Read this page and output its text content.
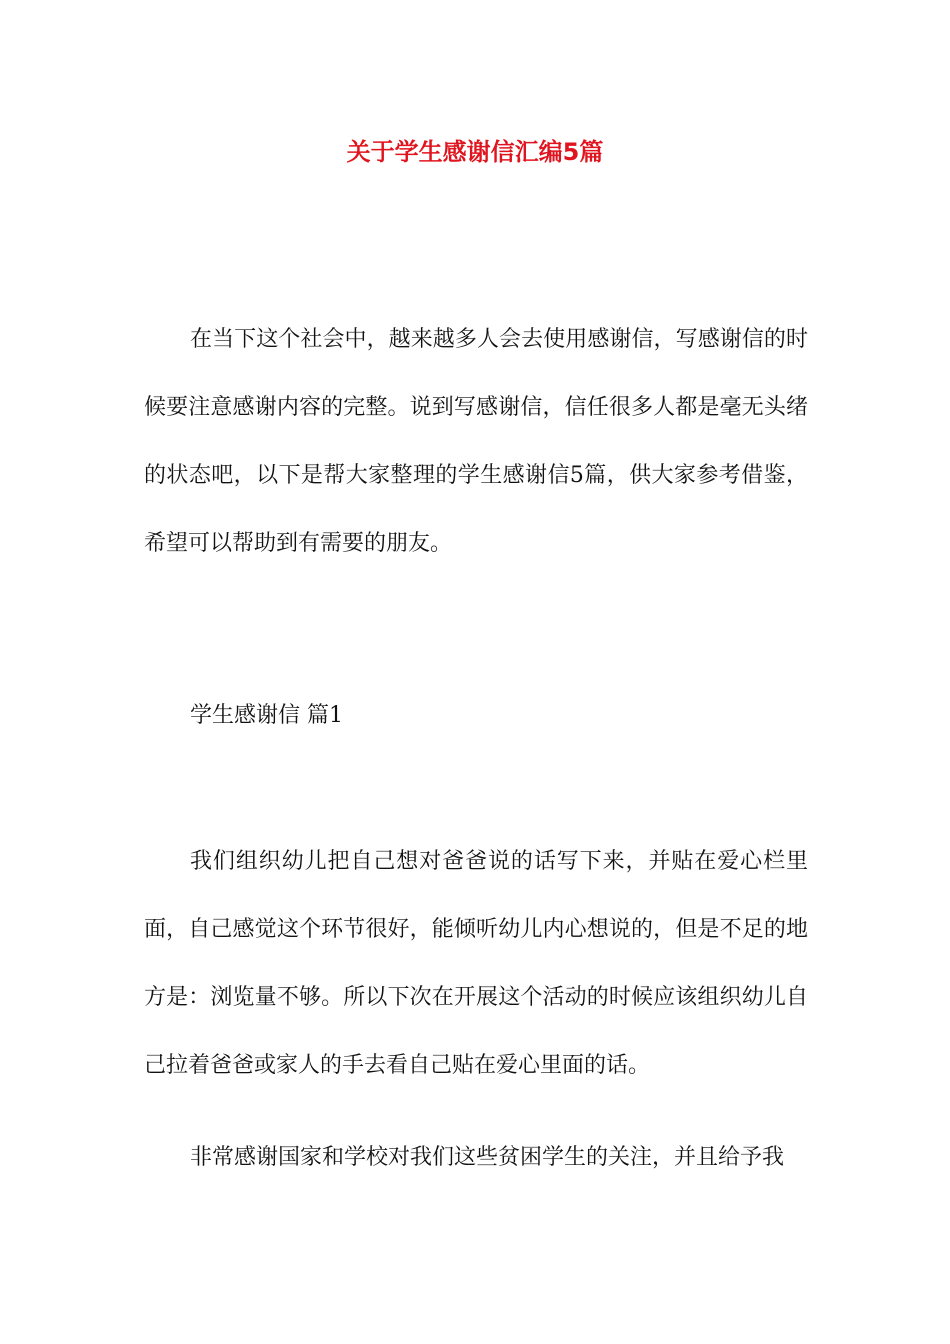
关于学生感谢信汇编5篇

在当下这个社会中，越来越多人会去使用感谢信，写感谢信的时候要注意感谢内容的完整。说到写感谢信，信任很多人都是毫无头绪的状态吧，以下是帮大家整理的学生感谢信5篇，供大家参考借鉴，希望可以帮助到有需要的朋友。

学生感谢信 篇1

我们组织幼儿把自己想对爸爸说的话写下来，并贴在爱心栏里面，自己感觉这个环节很好，能倾听幼儿内心想说的，但是不足的地方是：浏览量不够。所以下次在开展这个活动的时候应该组织幼儿自己拉着爸爸或家人的手去看自己贴在爱心里面的话。

非常感谢国家和学校对我们这些贫困学生的关注，并且给予我
